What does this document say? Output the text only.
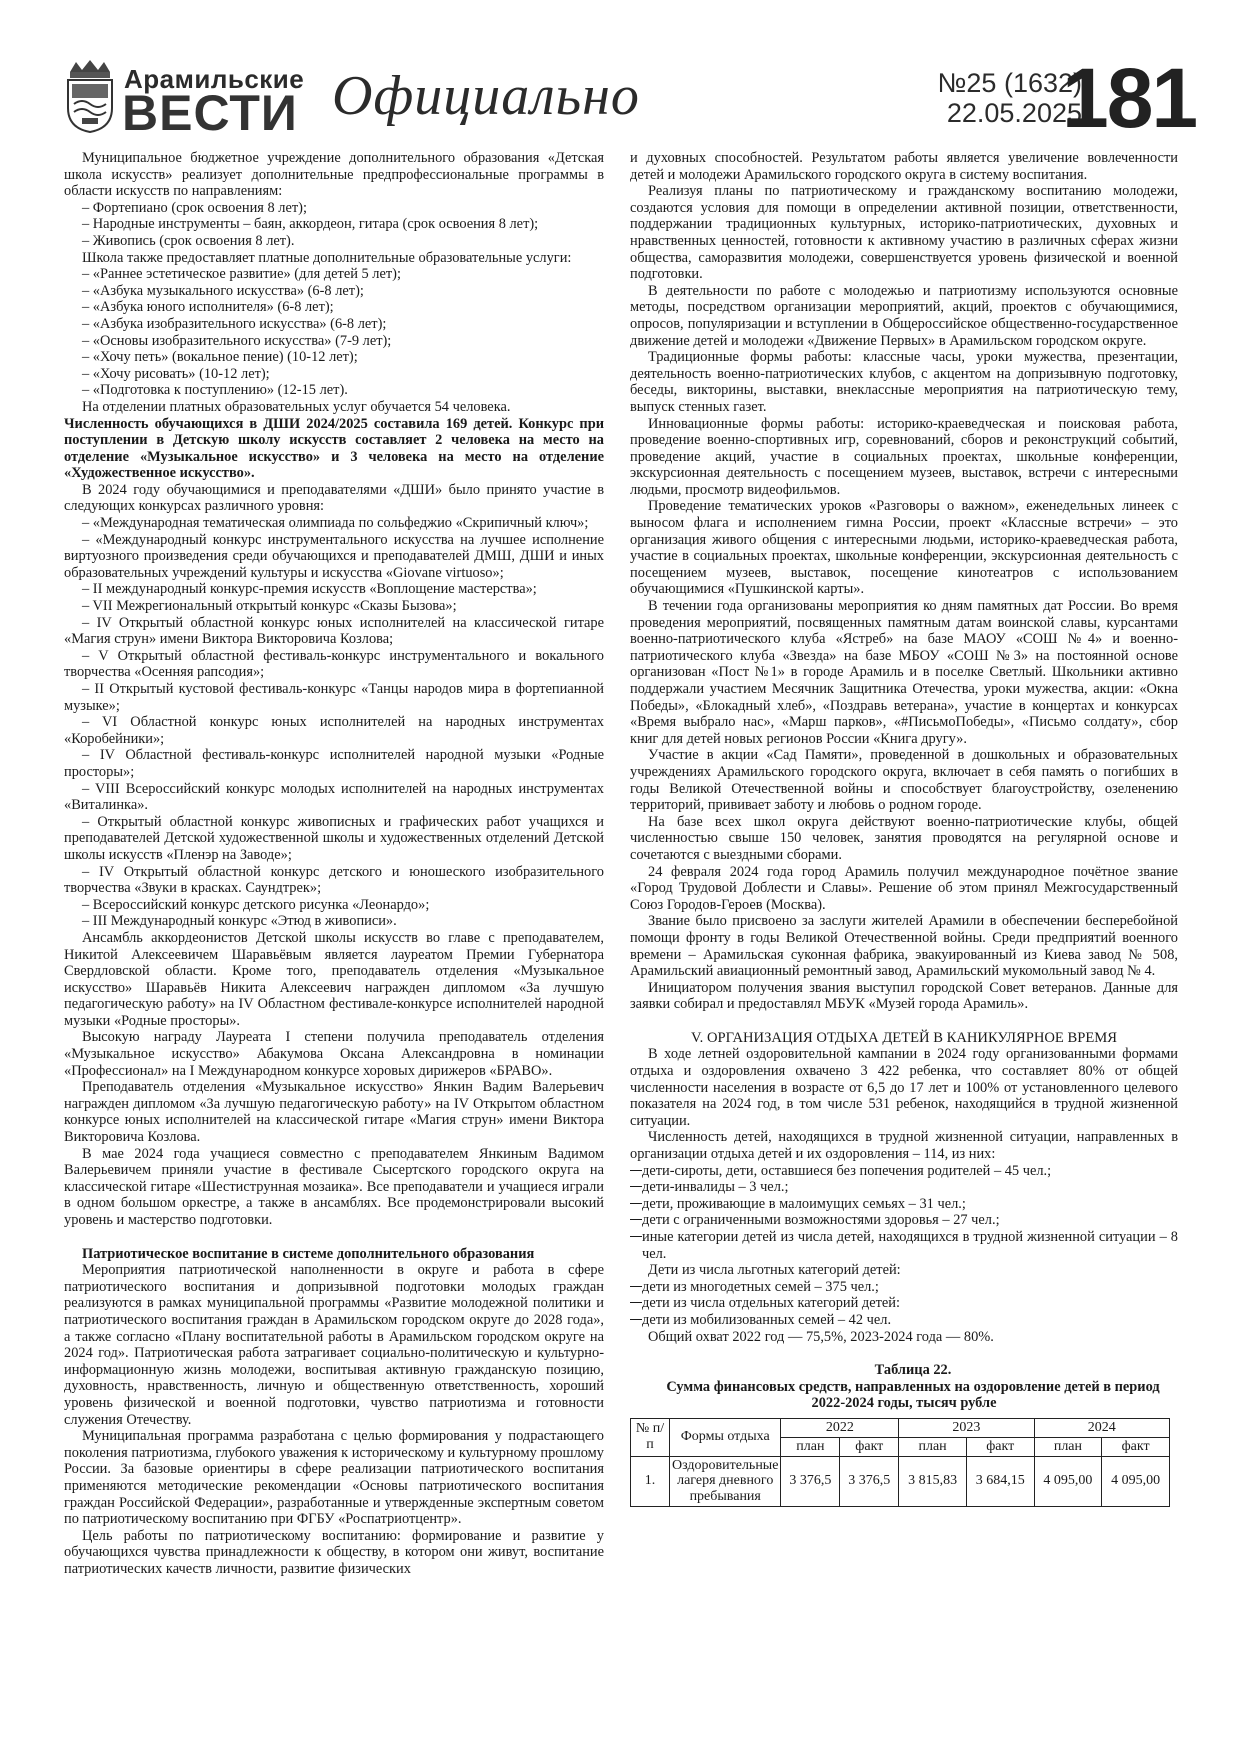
Арамильские
ВЕСТИ Официально	№25 (1632)
22.05.2025
181

Муниципальное бюджетное учреждение дополнительного образования «Детская школа искусств» реализует дополнительные предпрофессиональные программы в области искусств по направлениям:

– Фортепиано (срок освоения 8 лет);

– Народные инструменты – баян, аккордеон, гитара (срок освоения 8 лет);

– Живопись (срок освоения 8 лет).

Школа также предоставляет платные дополнительные образовательные услуги:

– «Раннее эстетическое развитие» (для детей 5 лет);

– «Азбука музыкального искусства» (6-8 лет);

– «Азбука юного исполнителя» (6-8 лет);

– «Азбука изобразительного искусства» (6-8 лет);

– «Основы изобразительного искусства» (7-9 лет);

– «Хочу петь» (вокальное пение) (10-12 лет);

– «Хочу рисовать» (10-12 лет);

– «Подготовка к поступлению» (12-15 лет).

На отделении платных образовательных услуг обучается 54 человека.

Численность обучающихся в ДШИ 2024/2025 составила 169 детей. Конкурс при поступлении в Детскую школу искусств составляет 2 человека на место на отделение «Музыкальное искусство» и 3 человека на место на отделение «Художественное искусство».

В 2024 году обучающимися и преподавателями «ДШИ» было принято участие в следующих конкурсах различного уровня:

– «Международная тематическая олимпиада по сольфеджио «Скрипичный ключ»;

– «Международный конкурс инструментального искусства на лучшее исполнение виртуозного произведения среди обучающихся и преподавателей ДМШ, ДШИ и иных образовательных учреждений культуры и искусства «Giovane virtuoso»;

– II международный конкурс-премия искусств «Воплощение мастерства»;

– VII Межрегиональный открытый конкурс «Сказы Бызова»;

– IV Открытый областной конкурс юных исполнителей на классической гитаре «Магия струн» имени Виктора Викторовича Козлова;

– V Открытый областной фестиваль-конкурс инструментального и вокального творчества «Осенняя рапсодия»;

– II Открытый кустовой фестиваль-конкурс «Танцы народов мира в фортепианной музыке»;

– VI Областной конкурс юных исполнителей на народных инструментах «Коробейники»;

– IV Областной фестиваль-конкурс исполнителей народной музыки «Родные просторы»;

– VIII Всероссийский конкурс молодых исполнителей на народных инструментах «Виталинка».

– Открытый областной конкурс живописных и графических работ учащихся и преподавателей Детской художественной школы и художественных отделений Детской школы искусств «Пленэр на Заводе»;

– IV Открытый областной конкурс детского и юношеского изобразительного творчества «Звуки в красках. Саундтрек»;

– Всероссийский конкурс детского рисунка «Леонардо»;

– III Международный конкурс «Этюд в живописи».

Ансамбль аккордеонистов Детской школы искусств во главе с преподавателем, Никитой Алексеевичем Шаравьёвым является лауреатом Премии Губернатора Свердловской области. Кроме того, преподаватель отделения «Музыкальное искусство» Шаравьёв Никита Алексеевич награжден дипломом «За лучшую педагогическую работу» на IV Областном фестивале-конкурсе исполнителей народной музыки «Родные просторы».

Высокую награду Лауреата I степени получила преподаватель отделения «Музыкальное искусство» Абакумова Оксана Александровна в номинации «Профессионал» на I Международном конкурсе хоровых дирижеров «БРАВО».

Преподаватель отделения «Музыкальное искусство» Янкин Вадим Валерьевич награжден дипломом «За лучшую педагогическую работу» на IV Открытом областном конкурсе юных исполнителей на классической гитаре «Магия струн» имени Виктора Викторовича Козлова.

В мае 2024 года учащиеся совместно с преподавателем Янкиным Вадимом Валерьевичем приняли участие в фестивале Сысертского городского округа на классической гитаре «Шестиструнная мозаика». Все преподаватели и учащиеся играли в одном большом оркестре, а также в ансамблях. Все продемонстрировали высокий уровень и мастерство подготовки.

Патриотическое воспитание в системе дополнительного образования

Мероприятия патриотической наполненности в округе и работа в сфере патриотического воспитания и допризывной подготовки молодых граждан реализуются в рамках муниципальной программы «Развитие молодежной политики и патриотического воспитания граждан в Арамильском городском округе до 2028 года», а также согласно «Плану воспитательной работы в Арамильском городском округе на 2024 год». Патриотическая работа затрагивает социально-политическую и культурно-информационную жизнь молодежи, воспитывая активную гражданскую позицию, духовность, нравственность, личную и общественную ответственность, хороший уровень физической и военной подготовки, чувство патриотизма и готовности служения Отечеству.

Муниципальная программа разработана с целью формирования у подрастающего поколения патриотизма, глубокого уважения к историческому и культурному прошлому России. За базовые ориентиры в сфере реализации патриотического воспитания применяются методические рекомендации «Основы патриотического воспитания граждан Российской Федерации», разработанные и утвержденные экспертным советом по патриотическому воспитанию при ФГБУ «Роспатриотцентр».

Цель работы по патриотическому воспитанию: формирование и развитие у обучающихся чувства принадлежности к обществу, в котором они живут, воспитание патриотических качеств личности, развитие физических

и духовных способностей. Результатом работы является увеличение вовлеченности детей и молодежи Арамильского городского округа в систему воспитания.

Реализуя планы по патриотическому и гражданскому воспитанию молодежи, создаются условия для помощи в определении активной позиции, ответственности, поддержании традиционных культурных, историко-патриотических, духовных и нравственных ценностей, готовности к активному участию в различных сферах жизни общества, саморазвития молодежи, совершенствуется уровень физической и военной подготовки.

В деятельности по работе с молодежью и патриотизму используются основные методы, посредством организации мероприятий, акций, проектов с обучающимися, опросов, популяризации и вступлении в Общероссийское общественно-государственное движение детей и молодежи «Движение Первых» в Арамильском городском округе.

Традиционные формы работы: классные часы, уроки мужества, презентации, деятельность военно-патриотических клубов, с акцентом на допризывную подготовку, беседы, викторины, выставки, внеклассные мероприятия на патриотическую тему, выпуск стенных газет.

Инновационные формы работы: историко-краеведческая и поисковая работа, проведение военно-спортивных игр, соревнований, сборов и реконструкций событий, проведение акций, участие в социальных проектах, школьные конференции, экскурсионная деятельность с посещением музеев, выставок, встречи с интересными людьми, просмотр видеофильмов.

Проведение тематических уроков «Разговоры о важном», еженедельных линеек с выносом флага и исполнением гимна России, проект «Классные встречи» – это организация живого общения с интересными людьми, историко-краеведческая работа, участие в социальных проектах, школьные конференции, экскурсионная деятельность с посещением музеев, выставок, посещение кинотеатров с использованием обучающимися «Пушкинской карты».

В течении года организованы мероприятия ко дням памятных дат России. Во время проведения мероприятий, посвященных памятным датам воинской славы, курсантами военно-патриотического клуба «Ястреб» на базе МАОУ «СОШ №4» и военно-патриотического клуба «Звезда» на базе МБОУ «СОШ №3» на постоянной основе организован «Пост №1» в городе Арамиль и в поселке Светлый. Школьники активно поддержали участием Месячник Защитника Отечества, уроки мужества, акции: «Окна Победы», «Блокадный хлеб», «Поздравь ветерана», участие в концертах и конкурсах «Время выбрало нас», «Марш парков», «#ПисьмоПобеды», «Письмо солдату», сбор книг для детей новых регионов России «Книга другу».

Участие в акции «Сад Памяти», проведенной в дошкольных и образовательных учреждениях Арамильского городского округа, включает в себя память о погибших в годы Великой Отечественной войны и способствует благоустройству, озеленению территорий, прививает заботу и любовь о родном городе.

На базе всех школ округа действуют военно-патриотические клубы, общей численностью свыше 150 человек, занятия проводятся на регулярной основе и сочетаются с выездными сборами.

24 февраля 2024 года город Арамиль получил международное почётное звание «Город Трудовой Доблести и Славы». Решение об этом принял Межгосударственный Союз Городов-Героев (Москва).

Звание было присвоено за заслуги жителей Арамили в обеспечении бесперебойной помощи фронту в годы Великой Отечественной войны. Среди предприятий военного времени – Арамильская суконная фабрика, эвакуированный из Киева завод № 508, Арамильский авиационный ремонтный завод, Арамильский мукомольный завод № 4.

Инициатором получения звания выступил городской Совет ветеранов. Данные для заявки собирал и предоставлял МБУК «Музей города Арамиль».

V. ОРГАНИЗАЦИЯ ОТДЫХА ДЕТЕЙ В КАНИКУЛЯРНОЕ ВРЕМЯ

В ходе летней оздоровительной кампании в 2024 году организованными формами отдыха и оздоровления охвачено 3 422 ребенка, что составляет 80% от общей численности населения в возрасте от 6,5 до 17 лет и 100% от установленного целевого показателя на 2024 год, в том числе 531 ребенок, находящийся в трудной жизненной ситуации.

Численность детей, находящихся в трудной жизненной ситуации, направленных в организации отдыха детей и их оздоровления – 114, из них:

дети-сироты, дети, оставшиеся без попечения родителей – 45 чел.;

дети-инвалиды – 3 чел.;

дети, проживающие в малоимущих семьях – 31 чел.;

дети с ограниченными возможностями здоровья – 27 чел.;

иные категории детей из числа детей, находящихся в трудной жизненной ситуации – 8 чел.

Дети из числа льготных категорий детей:

дети из многодетных семей – 375 чел.;

дети из числа отдельных категорий детей:

дети из мобилизованных семей – 42 чел.

Общий охват 2022 год — 75,5%, 2023-2024 года — 80%.

Таблица 22.

Сумма финансовых средств, направленных на оздоровление детей в период 2022-2024 годы, тысяч рубле

№ п/п	Формы отдыха	2022		2023		2024	
		план	факт	план	факт	план	факт
1.	Оздоровительные лагеря дневного пребывания	3 376,5	3 376,5	3 815,83	3 684,15	4 095,00	4 095,00
